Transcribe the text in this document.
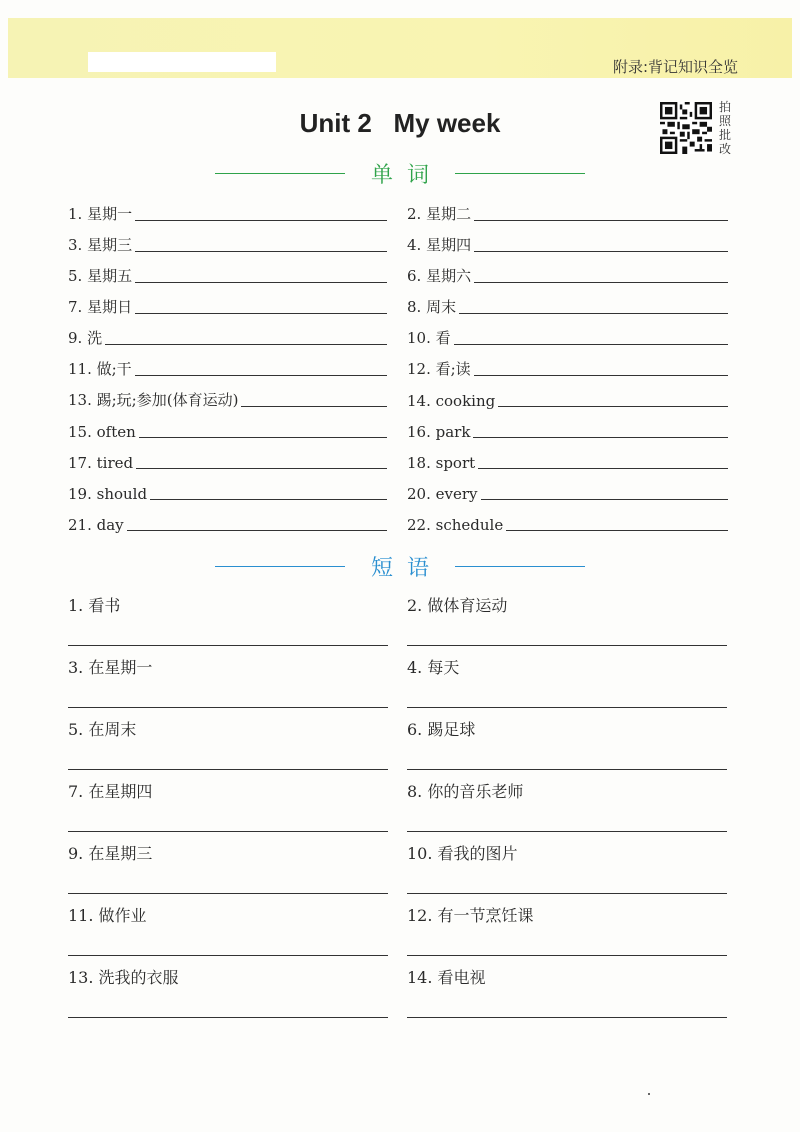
附录:背记知识全览
Unit 2   My week
拍照批改
单词
1. 星期一	2. 星期二
3. 星期三	4. 星期四
5. 星期五	6. 星期六
7. 星期日	8. 周末
9. 洗	10. 看
11. 做;干	12. 看;读
13. 踢;玩;参加(体育运动)	14. cooking
15. often	16. park
17. tired	18. sport
19. should	20. every
21. day	22. schedule
短语
1. 看书	2. 做体育运动
3. 在星期一	4. 每天
5. 在周末	6. 踢足球
7. 在星期四	8. 你的音乐老师
9. 在星期三	10. 看我的图片
11. 做作业	12. 有一节烹饪课
13. 洗我的衣服	14. 看电视
